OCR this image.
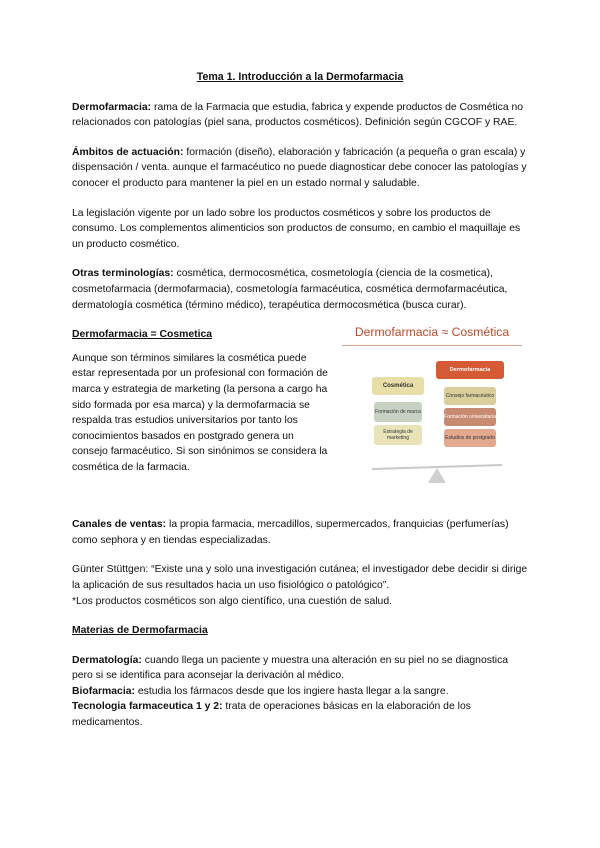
Tema 1. Introducción a la Dermofarmacia

Dermofarmacia: rama de la Farmacia que estudia, fabrica y expende productos de Cosmética no relacionados con patologías (piel sana, productos cosméticos). Definición según CGCOF y RAE.

Ámbitos de actuación: formación (diseño), elaboración y fabricación (a pequeña o gran escala) y dispensación / venta. aunque el farmacéutico no puede diagnosticar debe conocer las patologías y conocer el producto para mantener la piel en un estado normal y saludable.

La legislación vigente por un lado sobre los productos cosméticos y sobre los productos de consumo. Los complementos alimenticios son productos de consumo, en cambio el maquillaje es un producto cosmético.

Otras terminologías: cosmética, dermocosmética, cosmetología (ciencia de la cosmetica), cosmetofarmacia (dermofarmacia), cosmetología farmacéutica, cosmética dermofarmacéutica, dermatología cosmética (término médico), terapéutica dermocosmética (busca curar).

Dermofarmacia = Cosmetica

Aunque son términos similares la cosmética puede estar representada por un profesional con formación de marca y estrategia de marketing (la persona a cargo ha sido formada por esa marca) y la dermofarmacia se respalda tras estudios universitarios por tanto los conocimientos basados en postgrado genera un consejo farmacéutico. Si son sinónimos se considera la cosmética de la farmacia.

Dermofarmacia ≈ Cosmética
Dermofarmacia
Cosmética
Consejo farmacéutico
Formación universitaria
Estudios de postgrado
Formación de marca
Estrategia de marketing

Canales de ventas: la propia farmacia, mercadillos, supermercados, franquicias (perfumerías) como sephora y en tiendas especializadas.

Günter Stüttgen: “Existe una y solo una investigación cutánea; el investigador debe decidir si dirige la aplicación de sus resultados hacia un uso fisiológico o patológico”.
*Los productos cosméticos son algo científico, una cuestión de salud.

Materias de Dermofarmacia

Dermatología: cuando llega un paciente y muestra una alteración en su piel no se diagnostica pero si se identifica para aconsejar la derivación al médico.

Biofarmacia: estudia los fármacos desde que los ingiere hasta llegar a la sangre.

Tecnologia farmaceutica 1 y 2: trata de operaciones básicas en la elaboración de los medicamentos.
